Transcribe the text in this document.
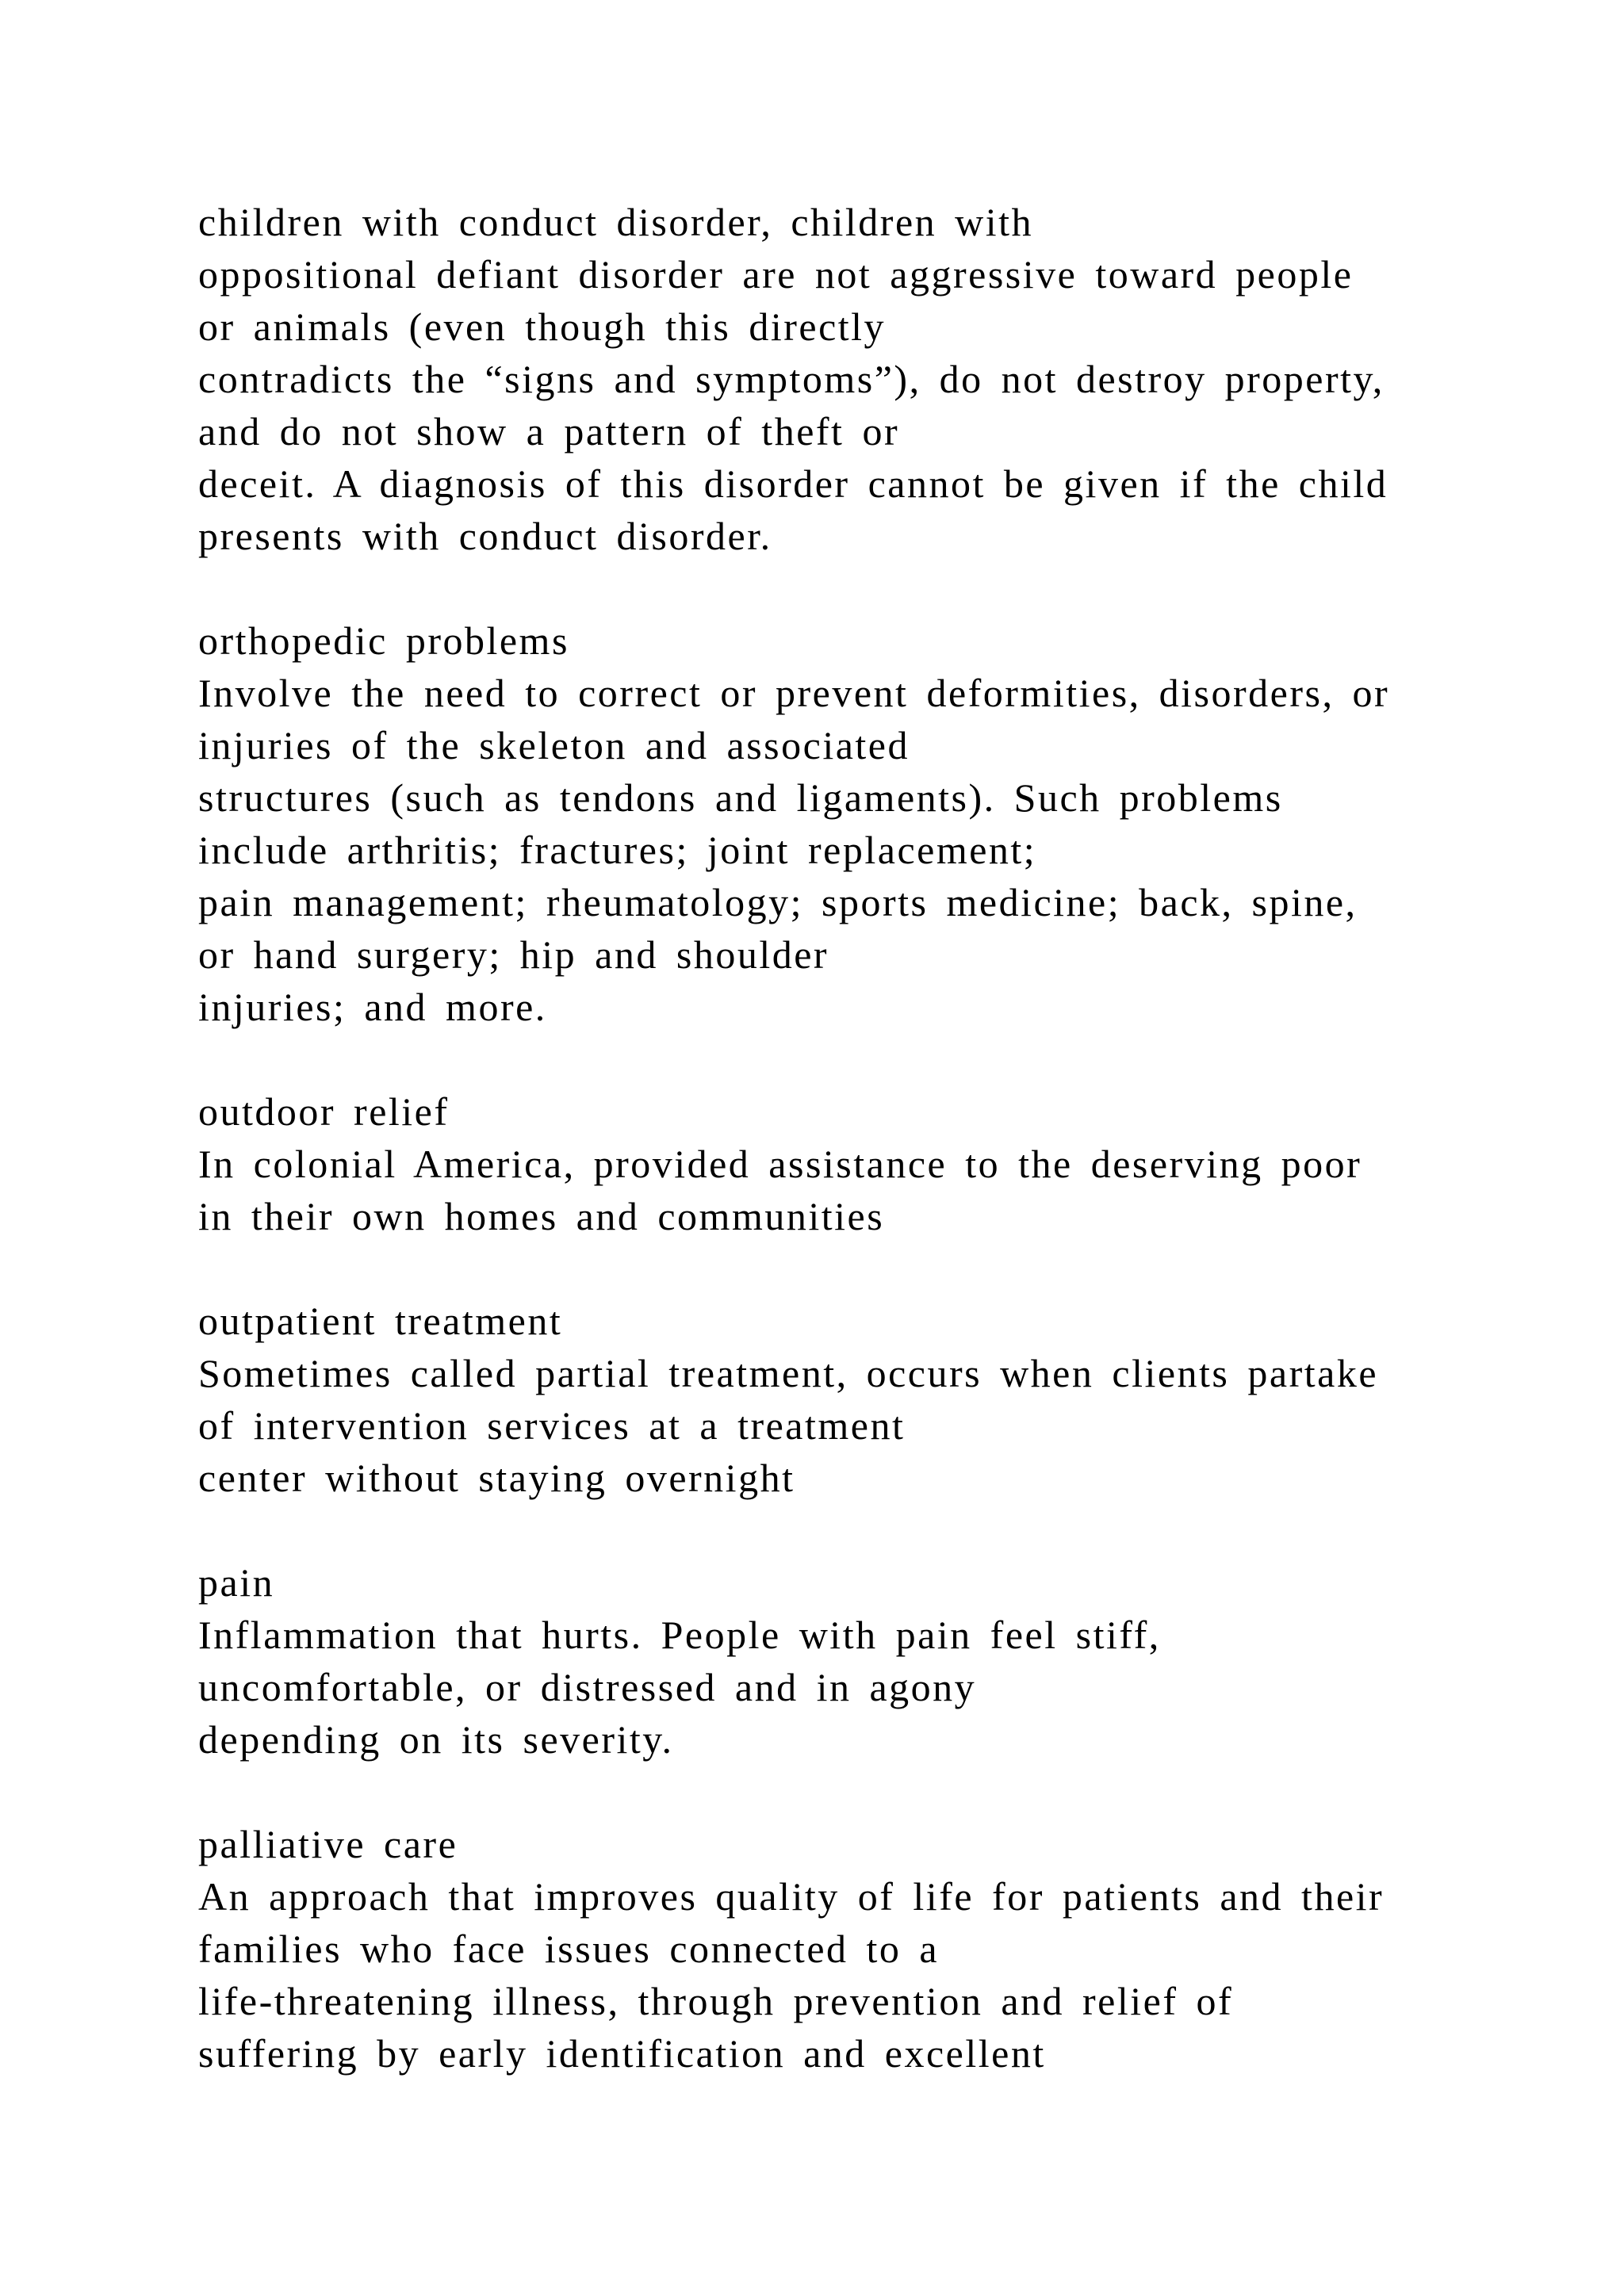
children with conduct disorder, children with
oppositional defiant disorder are not aggressive toward people
or animals (even though this directly
contradicts the “signs and symptoms”), do not destroy property,
and do not show a pattern of theft or
deceit. A diagnosis of this disorder cannot be given if the child
presents with conduct disorder.
orthopedic problems
Involve the need to correct or prevent deformities, disorders, or
injuries of the skeleton and associated
structures (such as tendons and ligaments). Such problems
include arthritis; fractures; joint replacement;
pain management; rheumatology; sports medicine; back, spine,
or hand surgery; hip and shoulder
injuries; and more.
outdoor relief
In colonial America, provided assistance to the deserving poor
in their own homes and communities
outpatient treatment
Sometimes called partial treatment, occurs when clients partake
of intervention services at a treatment
center without staying overnight
pain
Inflammation that hurts. People with pain feel stiff,
uncomfortable, or distressed and in agony
depending on its severity.
palliative care
An approach that improves quality of life for patients and their
families who face issues connected to a
life-threatening illness, through prevention and relief of
suffering by early identification and excellent
